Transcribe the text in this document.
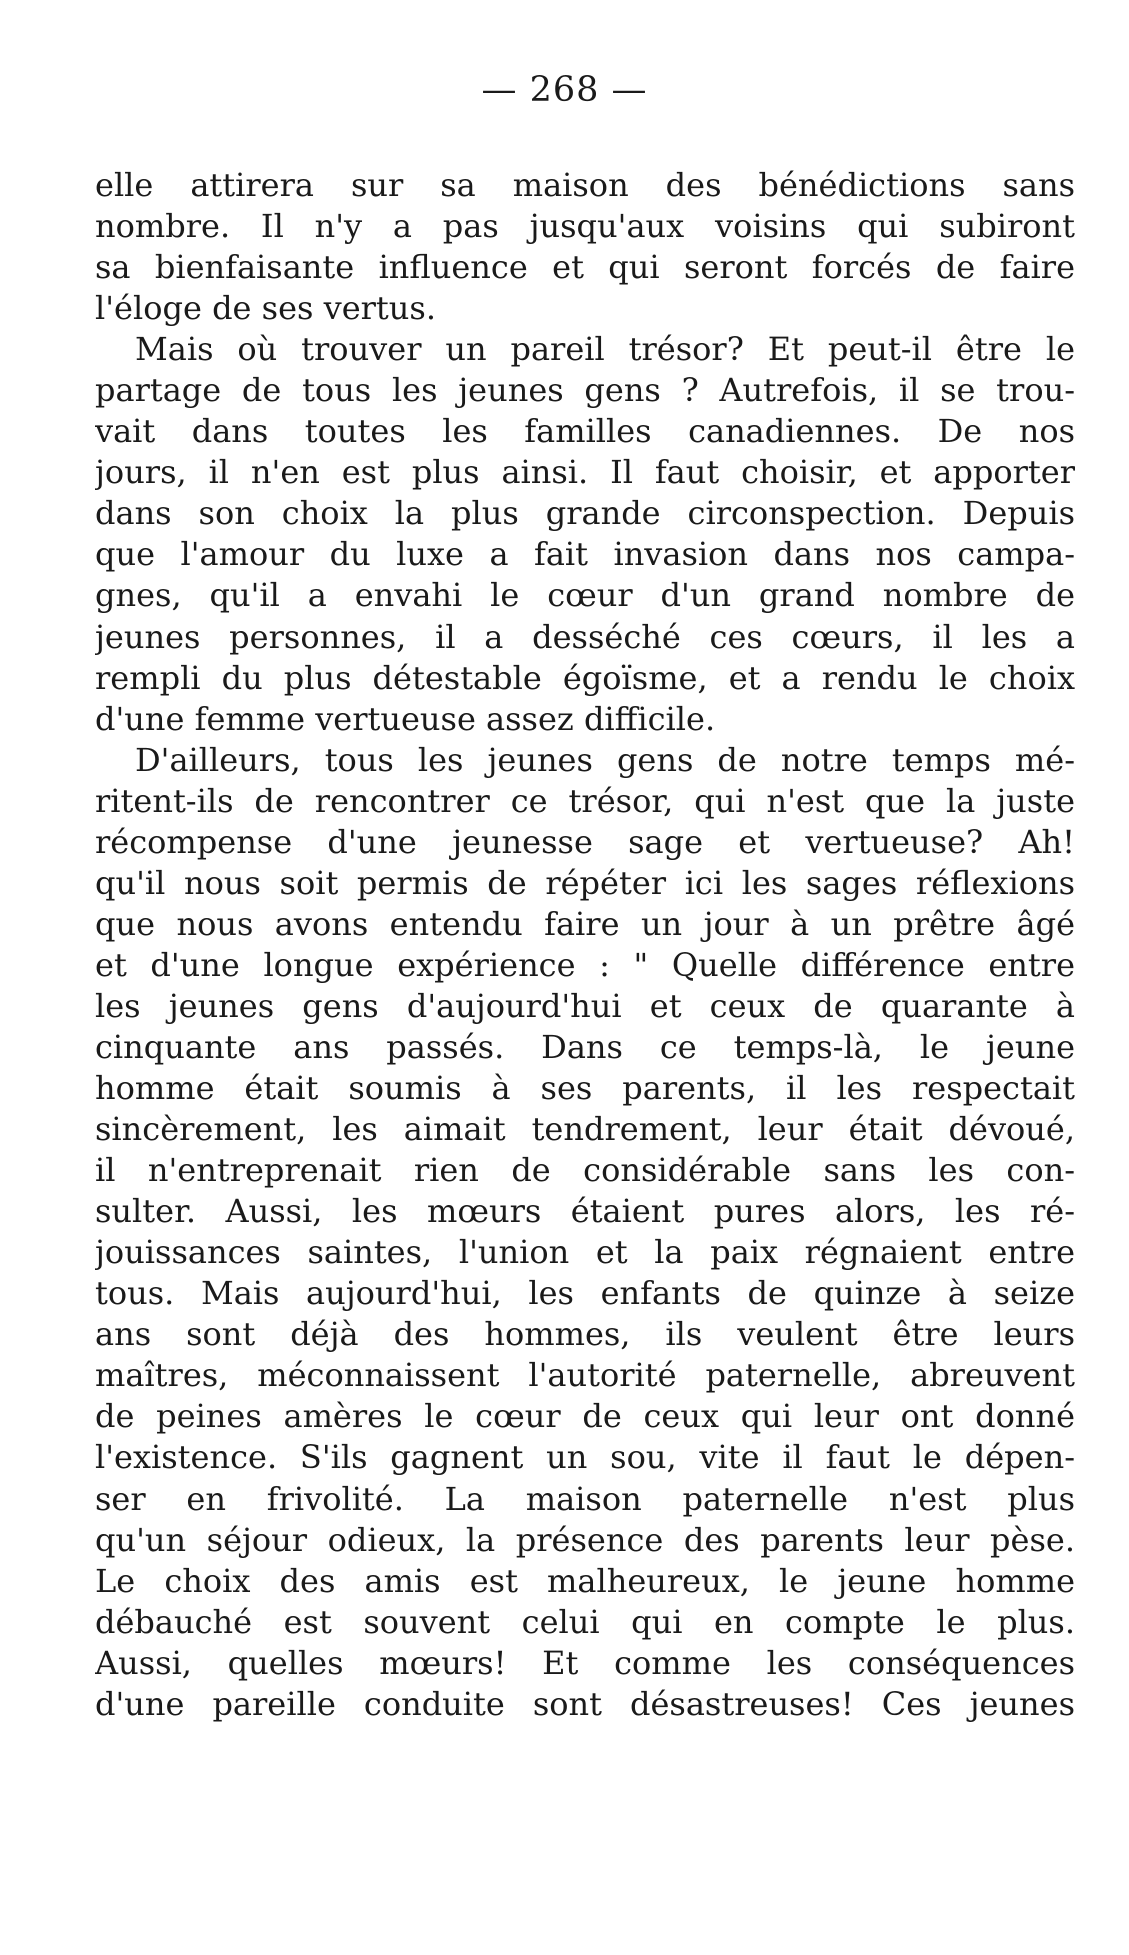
— 268 —
elle attirera sur sa maison des bénédictions sans
nombre. Il n'y a pas jusqu'aux voisins qui subiront
sa bienfaisante influence et qui seront forcés de faire
l'éloge de ses vertus.
Mais où trouver un pareil trésor? Et peut-il être le
partage de tous les jeunes gens ? Autrefois, il se trou-
vait dans toutes les familles canadiennes. De nos
jours, il n'en est plus ainsi. Il faut choisir, et apporter
dans son choix la plus grande circonspection. Depuis
que l'amour du luxe a fait invasion dans nos campa-
gnes, qu'il a envahi le cœur d'un grand nombre de
jeunes personnes, il a desséché ces cœurs, il les a
rempli du plus détestable égoïsme, et a rendu le choix
d'une femme vertueuse assez difficile.
D'ailleurs, tous les jeunes gens de notre temps mé-
ritent-ils de rencontrer ce trésor, qui n'est que la juste
récompense d'une jeunesse sage et vertueuse? Ah!
qu'il nous soit permis de répéter ici les sages réflexions
que nous avons entendu faire un jour à un prêtre âgé
et d'une longue expérience : " Quelle différence entre
les jeunes gens d'aujourd'hui et ceux de quarante à
cinquante ans passés. Dans ce temps-là, le jeune
homme était soumis à ses parents, il les respectait
sincèrement, les aimait tendrement, leur était dévoué,
il n'entreprenait rien de considérable sans les con-
sulter. Aussi, les mœurs étaient pures alors, les ré-
jouissances saintes, l'union et la paix régnaient entre
tous. Mais aujourd'hui, les enfants de quinze à seize
ans sont déjà des hommes, ils veulent être leurs
maîtres, méconnaissent l'autorité paternelle, abreuvent
de peines amères le cœur de ceux qui leur ont donné
l'existence. S'ils gagnent un sou, vite il faut le dépen-
ser en frivolité. La maison paternelle n'est plus
qu'un séjour odieux, la présence des parents leur pèse.
Le choix des amis est malheureux, le jeune homme
débauché est souvent celui qui en compte le plus.
Aussi, quelles mœurs! Et comme les conséquences
d'une pareille conduite sont désastreuses! Ces jeunes
